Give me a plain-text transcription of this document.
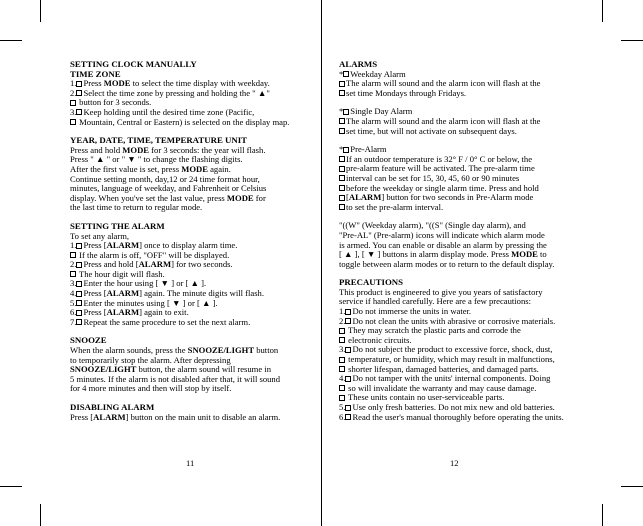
SETTING CLOCK MANUALLY
TIME ZONE
1. Press MODE to select the time display with weekday.
2. Select the time zone by pressing and holding the " ▲"
button for 3 seconds.
3. Keep holding until the desired time zone (Pacific,
Mountain, Central or Eastern) is selected on the display map.
YEAR, DATE, TIME, TEMPERATURE UNIT
Press and hold MODE for 3 seconds: the year will flash.
Press " ▲ " or " ▼ " to change the flashing digits.
After the first value is set, press MODE again.
Continue setting month, day,12 or 24 time format hour,
minutes, language of weekday, and Fahrenheit or Celsius
display. When you've set the last value, press MODE for
the last time to return to regular mode.
SETTING THE ALARM
To set any alarm,
1. Press [ALARM] once to display alarm time.
If the alarm is off, "OFF" will be displayed.
2. Press and hold [ALARM] for two seconds.
The hour digit will flash.
3. Enter the hour using [ ▼ ] or [ ▲ ].
4. Press [ALARM] again. The minute digits will flash.
5. Enter the minutes using [ ▼ ] or [ ▲ ].
6. Press [ALARM] again to exit.
7. Repeat the same procedure to set the next alarm.
SNOOZE
When the alarm sounds, press the SNOOZE/LIGHT button
to temporarily stop the alarm. After depressing
SNOOZE/LIGHT button, the alarm sound will resume in
5 minutes. If the alarm is not disabled after that, it will sound
for 4 more minutes and then will stop by itself.
DISABLING ALARM
Press [ALARM] button on the main unit to disable an alarm.
11
ALARMS
* Weekday Alarm
The alarm will sound and the alarm icon will flash at the
set time Mondays through Fridays.
* Single Day Alarm
The alarm will sound and the alarm icon will flash at the
set time, but will not activate on subsequent days.
* Pre-Alarm
If an outdoor temperature is 32° F / 0° C or below, the
pre-alarm feature will be activated. The pre-alarm time
interval can be set for 15, 30, 45, 60 or 90 minutes
before the weekday or single alarm time. Press and hold
[ALARM] button for two seconds in Pre-Alarm mode
to set the pre-alarm interval.
"((W" (Weekday alarm), "((S" (Single day alarm), and
"Pre-AL" (Pre-alarm) icons will indicate which alarm mode
is armed. You can enable or disable an alarm by pressing the
[ ▲ ], [ ▼ ] buttons in alarm display mode. Press MODE to
toggle between alarm modes or to return to the default display.
PRECAUTIONS
This product is engineered to give you years of satisfactory
service if handled carefully. Here are a few precautions:
1. Do not immerse the units in water.
2. Do not clean the units with abrasive or corrosive materials.
They may scratch the plastic parts and corrode the
electronic circuits.
3. Do not subject the product to excessive force, shock, dust,
temperature, or humidity, which may result in malfunctions,
shorter lifespan, damaged batteries, and damaged parts.
4. Do not tamper with the units' internal components. Doing
so will invalidate the warranty and may cause damage.
These units contain no user-serviceable parts.
5. Use only fresh batteries. Do not mix new and old batteries.
6. Read the user's manual thoroughly before operating the units.
12
